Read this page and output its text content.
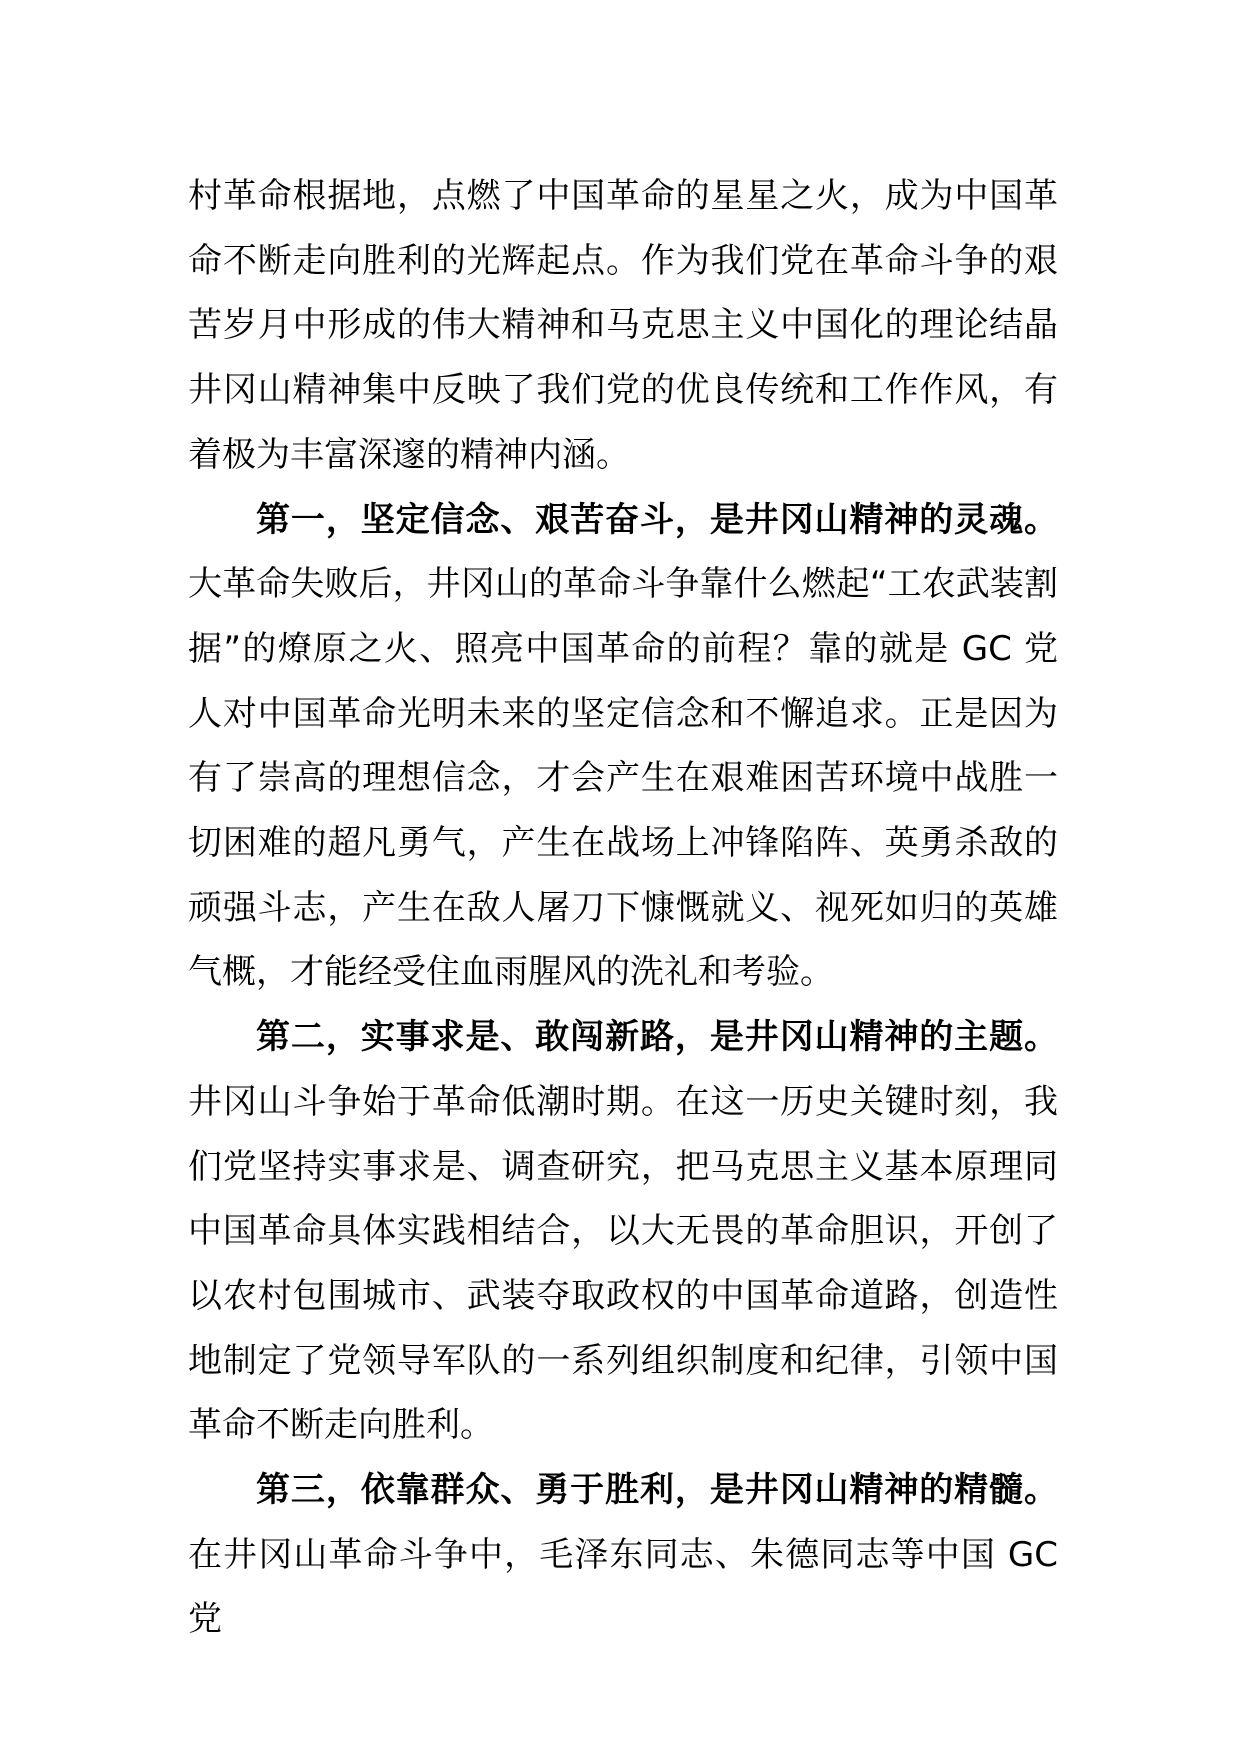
村革命根据地，点燃了中国革命的星星之火，成为中国革命不断走向胜利的光辉起点。作为我们党在革命斗争的艰苦岁月中形成的伟大精神和马克思主义中国化的理论结晶井冈山精神集中反映了我们党的优良传统和工作作风，有着极为丰富深邃的精神内涵。

第一，坚定信念、艰苦奋斗，是井冈山精神的灵魂。大革命失败后，井冈山的革命斗争靠什么燃起“工农武装割据”的燎原之火、照亮中国革命的前程？靠的就是 GC 党人对中国革命光明未来的坚定信念和不懈追求。正是因为有了崇高的理想信念，才会产生在艰难困苦环境中战胜一切困难的超凡勇气，产生在战场上冲锋陷阵、英勇杀敌的顽强斗志，产生在敌人屠刀下慷慨就义、视死如归的英雄气概，才能经受住血雨腥风的洗礼和考验。

第二，实事求是、敢闯新路，是井冈山精神的主题。井冈山斗争始于革命低潮时期。在这一历史关键时刻，我们党坚持实事求是、调查研究，把马克思主义基本原理同中国革命具体实践相结合，以大无畏的革命胆识，开创了以农村包围城市、武装夺取政权的中国革命道路，创造性地制定了党领导军队的一系列组织制度和纪律，引领中国革命不断走向胜利。

第三，依靠群众、勇于胜利，是井冈山精神的精髓。在井冈山革命斗争中，毛泽东同志、朱德同志等中国 GC 党
